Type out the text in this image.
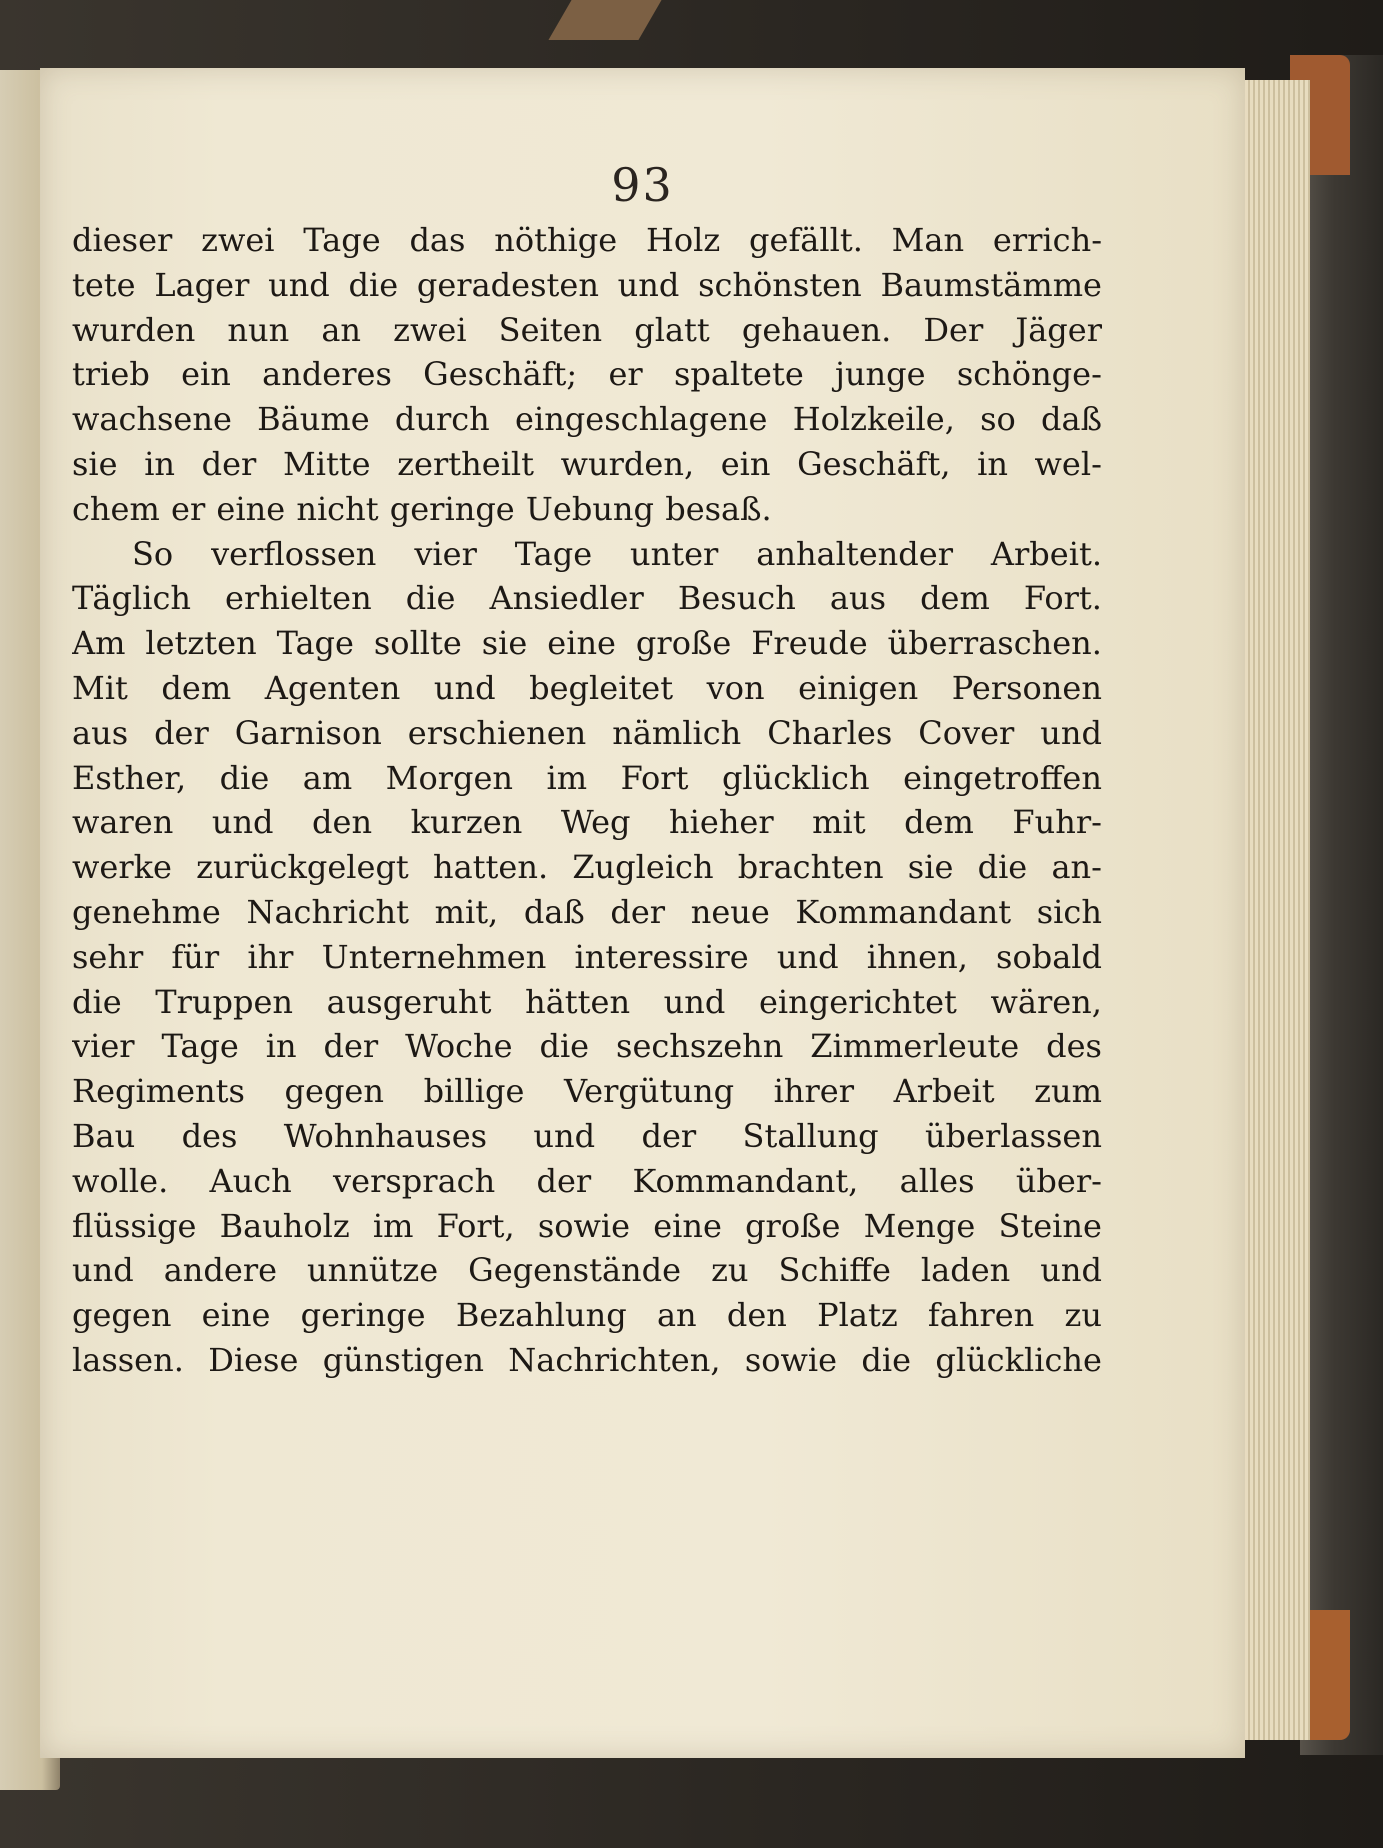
93
dieser zwei Tage das nöthige Holz gefällt. Man errich-
tete Lager und die geradesten und schönsten Baumstämme
wurden nun an zwei Seiten glatt gehauen. Der Jäger
trieb ein anderes Geschäft; er spaltete junge schönge-
wachsene Bäume durch eingeschlagene Holzkeile, so daß
sie in der Mitte zertheilt wurden, ein Geschäft, in wel-
chem er eine nicht geringe Uebung besaß.
So verflossen vier Tage unter anhaltender Arbeit.
Täglich erhielten die Ansiedler Besuch aus dem Fort.
Am letzten Tage sollte sie eine große Freude überraschen.
Mit dem Agenten und begleitet von einigen Personen
aus der Garnison erschienen nämlich Charles Cover und
Esther, die am Morgen im Fort glücklich eingetroffen
waren und den kurzen Weg hieher mit dem Fuhr-
werke zurückgelegt hatten. Zugleich brachten sie die an-
genehme Nachricht mit, daß der neue Kommandant sich
sehr für ihr Unternehmen interessire und ihnen, sobald
die Truppen ausgeruht hätten und eingerichtet wären,
vier Tage in der Woche die sechszehn Zimmerleute des
Regiments gegen billige Vergütung ihrer Arbeit zum
Bau des Wohnhauses und der Stallung überlassen
wolle. Auch versprach der Kommandant, alles über-
flüssige Bauholz im Fort, sowie eine große Menge Steine
und andere unnütze Gegenstände zu Schiffe laden und
gegen eine geringe Bezahlung an den Platz fahren zu
lassen. Diese günstigen Nachrichten, sowie die glückliche
